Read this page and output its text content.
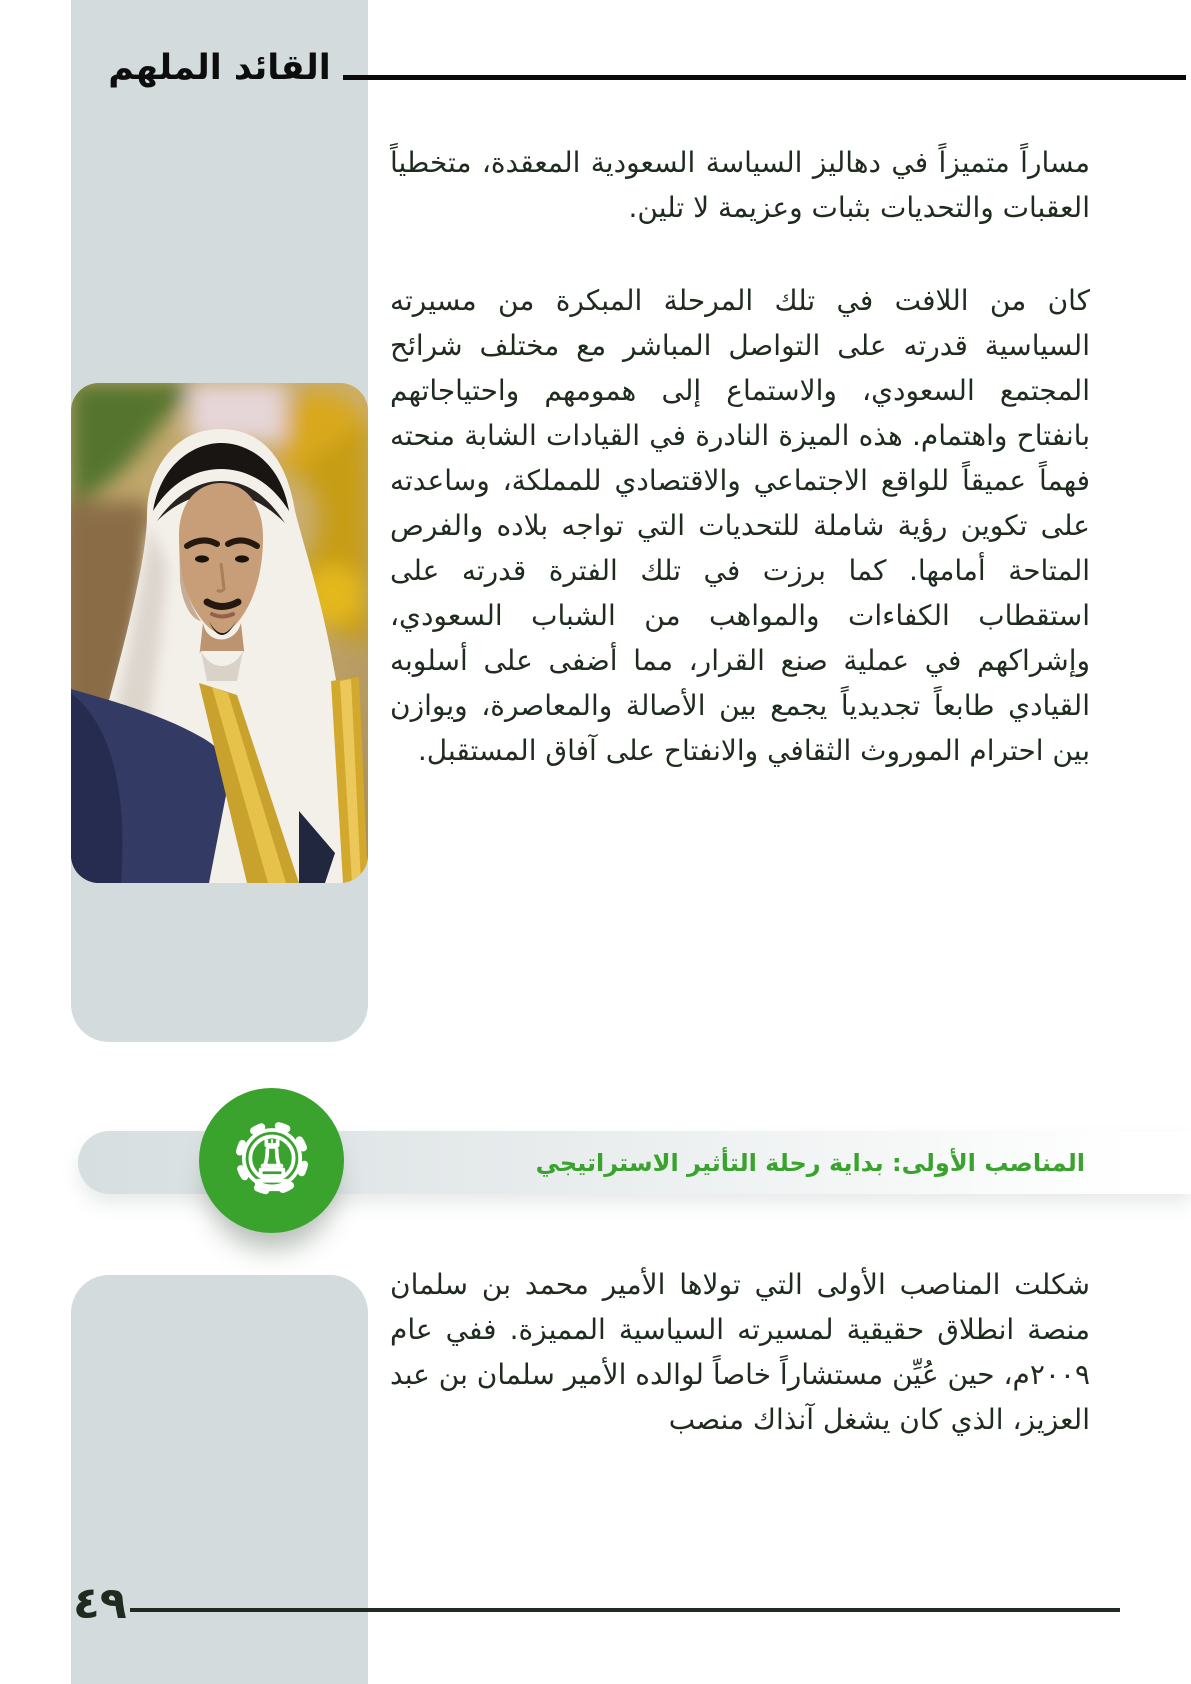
القائد الملهم

مساراً متميزاً في دهاليز السياسة السعودية المعقدة، متخطياً العقبات والتحديات بثبات وعزيمة لا تلين.

كان من اللافت في تلك المرحلة المبكرة من مسيرته السياسية قدرته على التواصل المباشر مع مختلف شرائح المجتمع السعودي، والاستماع إلى همومهم واحتياجاتهم بانفتاح واهتمام. هذه الميزة النادرة في القيادات الشابة منحته فهماً عميقاً للواقع الاجتماعي والاقتصادي للمملكة، وساعدته على تكوين رؤية شاملة للتحديات التي تواجه بلاده والفرص المتاحة أمامها. كما برزت في تلك الفترة قدرته على استقطاب الكفاءات والمواهب من الشباب السعودي، وإشراكهم في عملية صنع القرار، مما أضفى على أسلوبه القيادي طابعاً تجديدياً يجمع بين الأصالة والمعاصرة، ويوازن بين احترام الموروث الثقافي والانفتاح على آفاق المستقبل.

المناصب الأولى: بداية رحلة التأثير الاستراتيجي

شكلت المناصب الأولى التي تولاها الأمير محمد بن سلمان منصة انطلاق حقيقية لمسيرته السياسية المميزة. ففي عام ٢٠٠٩م، حين عُيِّن مستشاراً خاصاً لوالده الأمير سلمان بن عبد العزيز، الذي كان يشغل آنذاك منصب

٤٩
